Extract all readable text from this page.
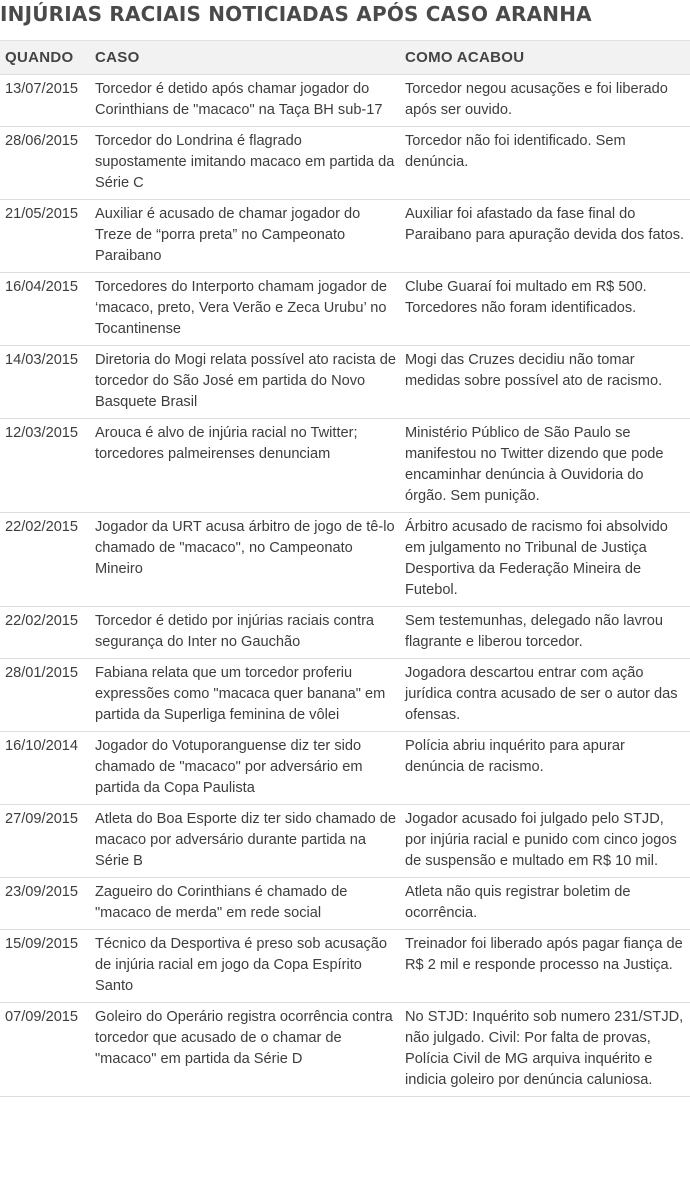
INJÚRIAS RACIAIS NOTICIADAS APÓS CASO ARANHA
QUANDO	CASO	COMO ACABOU
13/07/2015	Torcedor é detido após chamar jogador do Corinthians de "macaco" na Taça BH sub-17	Torcedor negou acusações e foi liberado após ser ouvido.
28/06/2015	Torcedor do Londrina é flagrado supostamente imitando macaco em partida da Série C	Torcedor não foi identificado. Sem denúncia.
21/05/2015	Auxiliar é acusado de chamar jogador do Treze de “porra preta” no Campeonato Paraibano	Auxiliar foi afastado da fase final do Paraibano para apuração devida dos fatos.
16/04/2015	Torcedores do Interporto chamam jogador de ‘macaco, preto, Vera Verão e Zeca Urubu’ no Tocantinense	Clube Guaraí foi multado em R$ 500. Torcedores não foram identificados.
14/03/2015	Diretoria do Mogi relata possível ato racista de torcedor do São José em partida do Novo Basquete Brasil	Mogi das Cruzes decidiu não tomar medidas sobre possível ato de racismo.
12/03/2015	Arouca é alvo de injúria racial no Twitter; torcedores palmeirenses denunciam	Ministério Público de São Paulo se manifestou no Twitter dizendo que pode encaminhar denúncia à Ouvidoria do órgão. Sem punição.
22/02/2015	Jogador da URT acusa árbitro de jogo de tê-lo chamado de "macaco", no Campeonato Mineiro	Árbitro acusado de racismo foi absolvido em julgamento no Tribunal de Justiça Desportiva da Federação Mineira de Futebol.
22/02/2015	Torcedor é detido por injúrias raciais contra segurança do Inter no Gauchão	Sem testemunhas, delegado não lavrou flagrante e liberou torcedor.
28/01/2015	Fabiana relata que um torcedor proferiu expressões como "macaca quer banana" em partida da Superliga feminina de vôlei	Jogadora descartou entrar com ação jurídica contra acusado de ser o autor das ofensas.
16/10/2014	Jogador do Votuporanguense diz ter sido chamado de "macaco" por adversário em partida da Copa Paulista	Polícia abriu inquérito para apurar denúncia de racismo.
27/09/2015	Atleta do Boa Esporte diz ter sido chamado de macaco por adversário durante partida na Série B	Jogador acusado foi julgado pelo STJD, por injúria racial e punido com cinco jogos de suspensão e multado em R$ 10 mil.
23/09/2015	Zagueiro do Corinthians é chamado de "macaco de merda" em rede social	Atleta não quis registrar boletim de ocorrência.
15/09/2015	Técnico da Desportiva é preso sob acusação de injúria racial em jogo da Copa Espírito Santo	Treinador foi liberado após pagar fiança de R$ 2 mil e responde processo na Justiça.
07/09/2015	Goleiro do Operário registra ocorrência contra torcedor que acusado de o chamar de "macaco" em partida da Série D	No STJD: Inquérito sob numero 231/STJD, não julgado. Civil: Por falta de provas, Polícia Civil de MG arquiva inquérito e indicia goleiro por denúncia caluniosa.
